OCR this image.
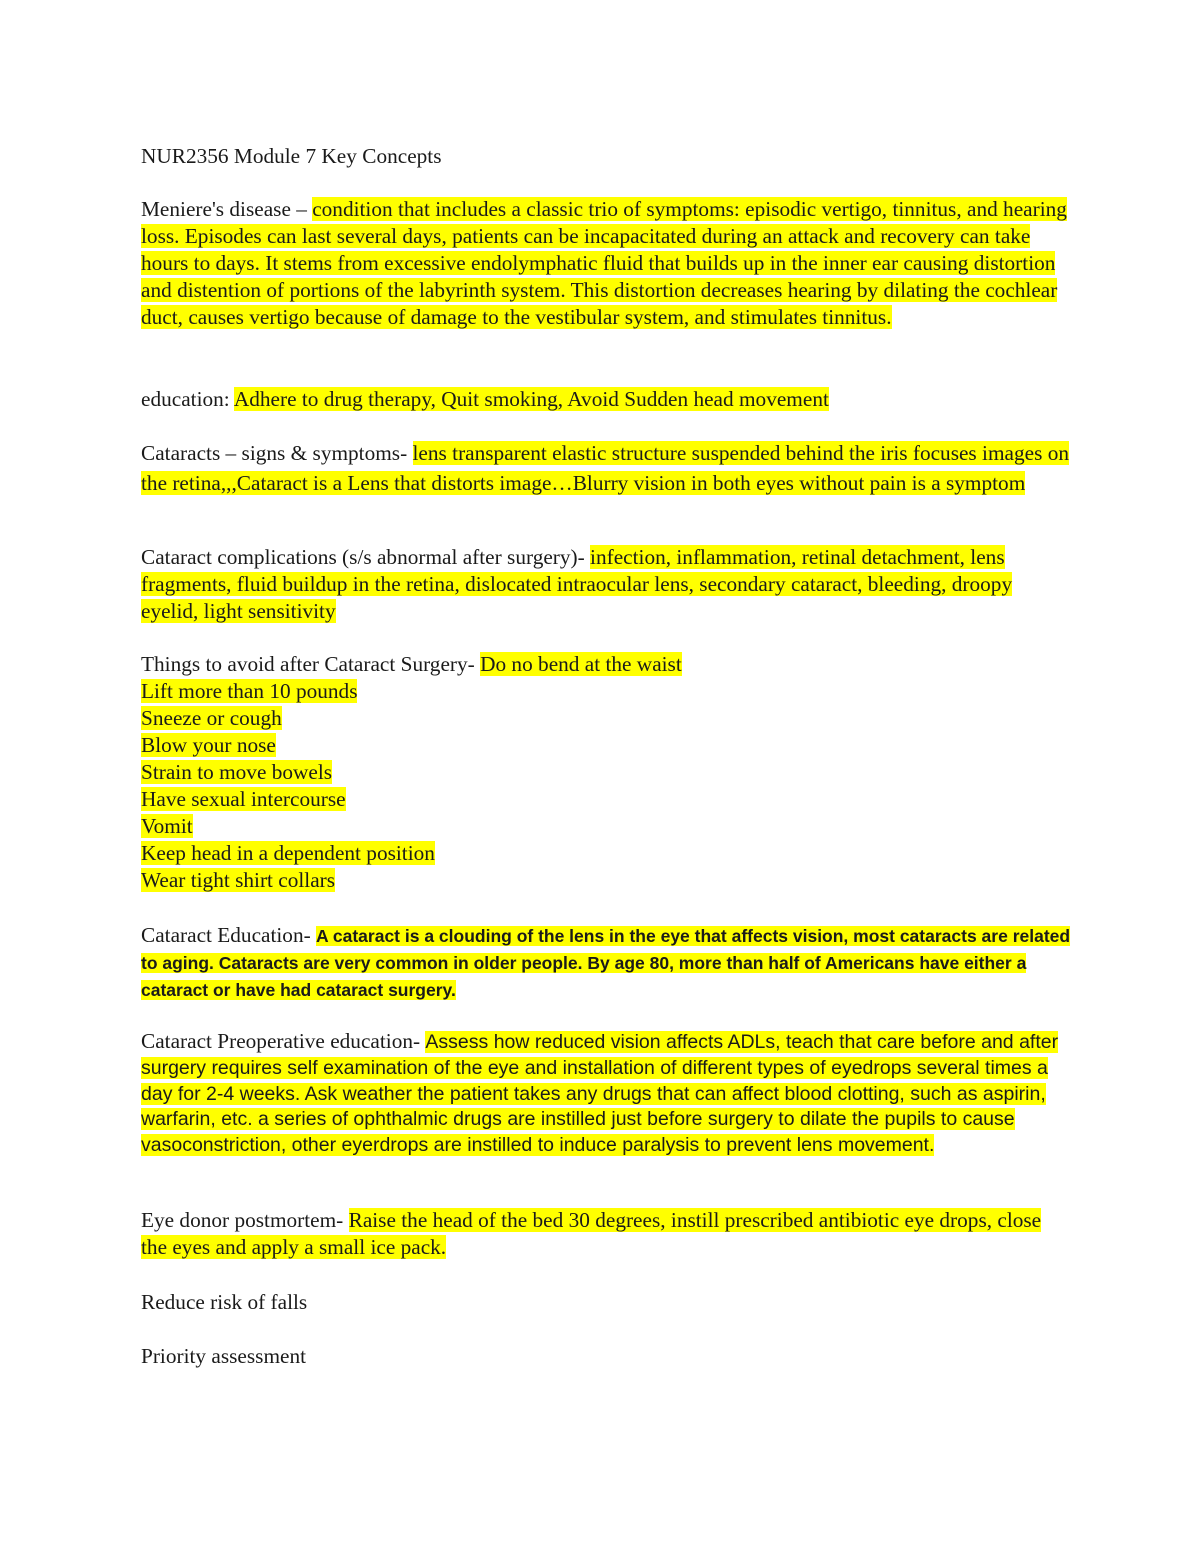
NUR2356 Module 7 Key Concepts

Meniere's disease – condition that includes a classic trio of symptoms: episodic vertigo, tinnitus, and hearing loss. Episodes can last several days, patients can be incapacitated during an attack and recovery can take hours to days. It stems from excessive endolymphatic fluid that builds up in the inner ear causing distortion and distention of portions of the labyrinth system. This distortion decreases hearing by dilating the cochlear duct, causes vertigo because of damage to the vestibular system, and stimulates tinnitus.

education: Adhere to drug therapy, Quit smoking, Avoid Sudden head movement

Cataracts – signs & symptoms- lens transparent elastic structure suspended behind the iris focuses images on the retina,,,Cataract is a Lens that distorts image…Blurry vision in both eyes without pain is a symptom

Cataract complications (s/s abnormal after surgery)- infection, inflammation, retinal detachment, lens fragments, fluid buildup in the retina, dislocated intraocular lens, secondary cataract, bleeding, droopy eyelid, light sensitivity

Things to avoid after Cataract Surgery- Do no bend at the waist
Lift more than 10 pounds
Sneeze or cough
Blow your nose
Strain to move bowels
Have sexual intercourse
Vomit
Keep head in a dependent position
Wear tight shirt collars

Cataract Education- A cataract is a clouding of the lens in the eye that affects vision, most cataracts are related to aging. Cataracts are very common in older people. By age 80, more than half of Americans have either a cataract or have had cataract surgery.

Cataract Preoperative education- Assess how reduced vision affects ADLs, teach that care before and after surgery requires self examination of the eye and installation of different types of eyedrops several times a day for 2-4 weeks. Ask weather the patient takes any drugs that can affect blood clotting, such as aspirin, warfarin, etc. a series of ophthalmic drugs are instilled just before surgery to dilate the pupils to cause vasoconstriction, other eyerdrops are instilled to induce paralysis to prevent lens movement.

Eye donor postmortem- Raise the head of the bed 30 degrees, instill prescribed antibiotic eye drops, close the eyes and apply a small ice pack.

Reduce risk of falls

Priority assessment
